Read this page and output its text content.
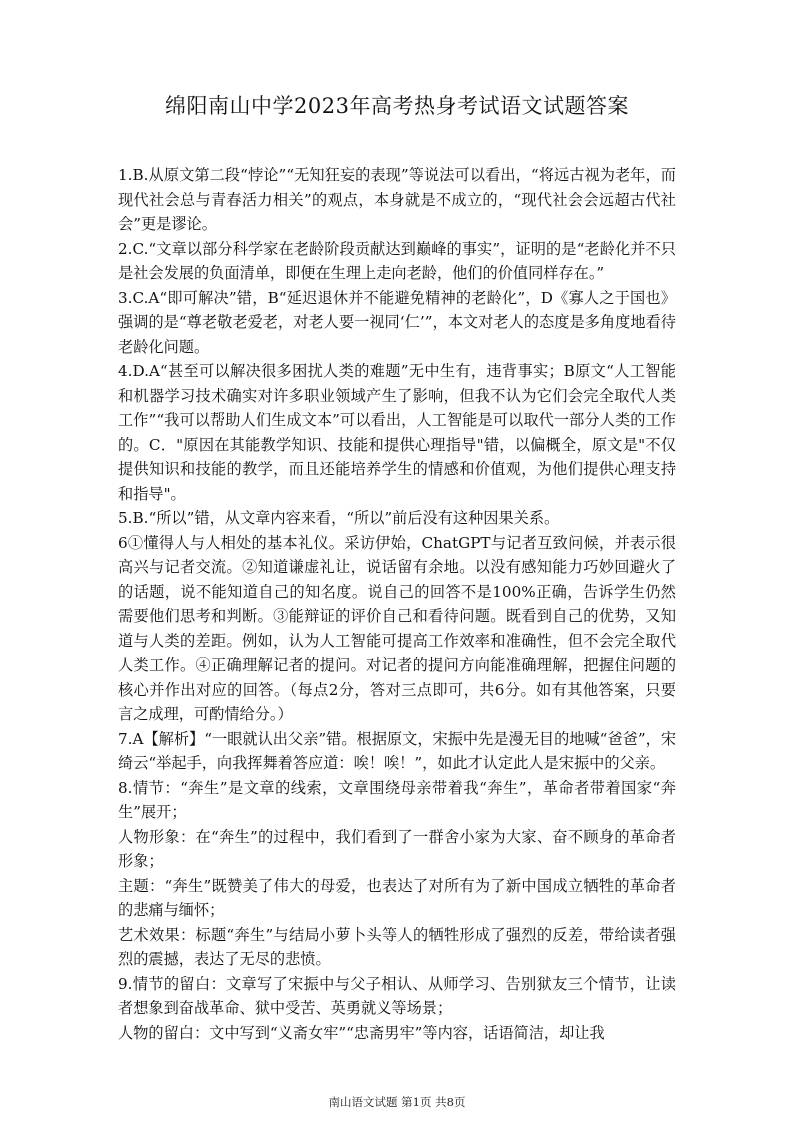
绵阳南山中学2023年高考热身考试语文试题答案

1.B.从原文第二段“悖论”“无知狂妄的表现”等说法可以看出，“将远古视为老年，而现代社会总与青春活力相关”的观点，本身就是不成立的，“现代社会会远超古代社会”更是谬论。

2.C.“文章以部分科学家在老龄阶段贡献达到巅峰的事实”，证明的是“老龄化并不只是社会发展的负面清单，即便在生理上走向老龄，他们的价值同样存在。”

3.C.A“即可解决”错，B“延迟退休并不能避免精神的老龄化”，D《寡人之于国也》强调的是“尊老敬老爱老，对老人要一视同‘仁’”，本文对老人的态度是多角度地看待老龄化问题。

4.D.A“甚至可以解决很多困扰人类的难题”无中生有，违背事实；B原文“人工智能和机器学习技术确实对许多职业领域产生了影响，但我不认为它们会完全取代人类工作”“我可以帮助人们生成文本”可以看出，人工智能是可以取代一部分人类的工作的。C．"原因在其能教学知识、技能和提供心理指导"错，以偏概全，原文是"不仅提供知识和技能的教学，而且还能培养学生的情感和价值观，为他们提供心理支持和指导"。

5.B.“所以”错，从文章内容来看，“所以”前后没有这种因果关系。

6①懂得人与人相处的基本礼仪。采访伊始，ChatGPT与记者互致问候，并表示很高兴与记者交流。②知道谦虚礼让，说话留有余地。以没有感知能力巧妙回避火了的话题，说不能知道自己的知名度。说自己的回答不是100%正确，告诉学生仍然需要他们思考和判断。③能辩证的评价自己和看待问题。既看到自己的优势，又知道与人类的差距。例如，认为人工智能可提高工作效率和准确性，但不会完全取代人类工作。④正确理解记者的提问。对记者的提问方向能准确理解，把握住问题的核心并作出对应的回答。（每点2分，答对三点即可，共6分。如有其他答案，只要言之成理，可酌情给分。）

7.A【解析】“一眼就认出父亲”错。根据原文，宋振中先是漫无目的地喊“爸爸”，宋绮云“举起手，向我挥舞着答应道：唉！唉！”，如此才认定此人是宋振中的父亲。

8.情节：“奔生”是文章的线索，文章围绕母亲带着我“奔生”，革命者带着国家“奔生”展开；

人物形象：在“奔生”的过程中，我们看到了一群舍小家为大家、奋不顾身的革命者形象；

主题：“奔生”既赞美了伟大的母爱，也表达了对所有为了新中国成立牺牲的革命者的悲痛与缅怀；

艺术效果：标题“奔生”与结局小萝卜头等人的牺牲形成了强烈的反差，带给读者强烈的震撼，表达了无尽的悲愤。

9.情节的留白：文章写了宋振中与父子相认、从师学习、告别狱友三个情节，让读者想象到奋战革命、狱中受苦、英勇就义等场景；

人物的留白：文中写到“义斋女牢”“忠斋男牢”等内容，话语简洁，却让我

南山语文试题 第1页 共8页
